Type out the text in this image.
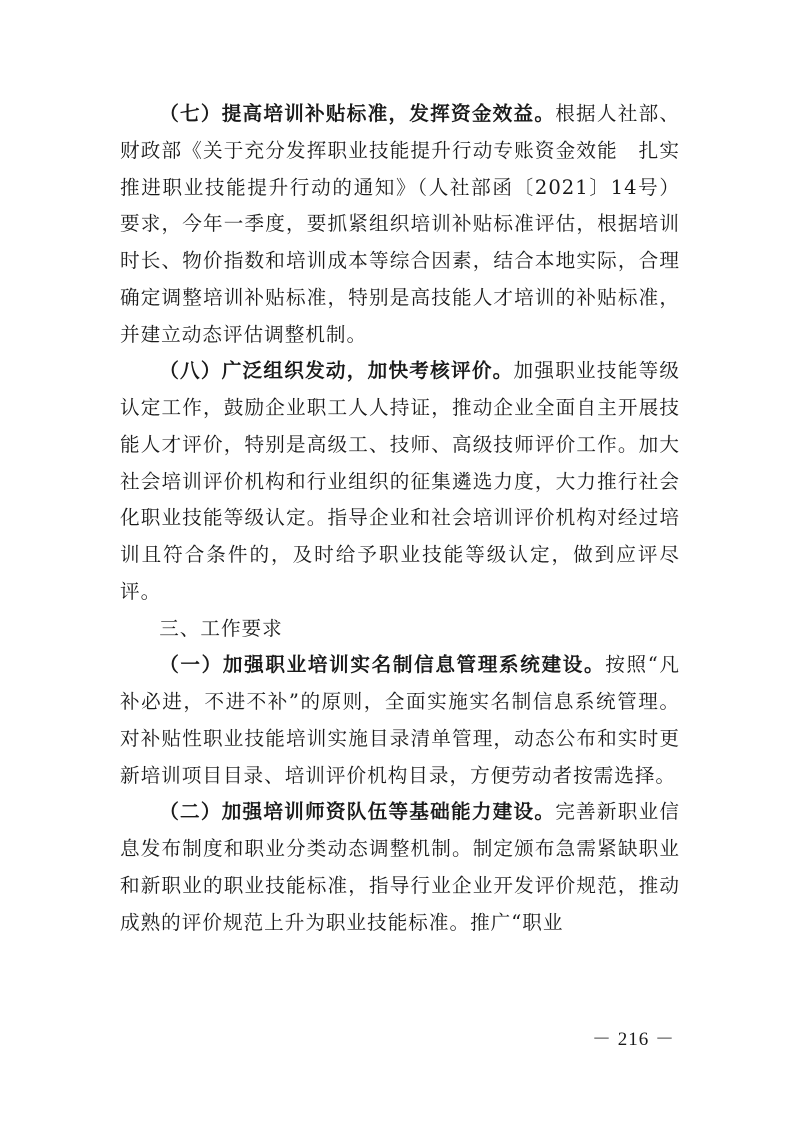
（七）提高培训补贴标准，发挥资金效益。根据人社部、财政部《关于充分发挥职业技能提升行动专账资金效能　扎实推进职业技能提升行动的通知》（人社部函〔2021〕14号）要求，今年一季度，要抓紧组织培训补贴标准评估，根据培训时长、物价指数和培训成本等综合因素，结合本地实际，合理确定调整培训补贴标准，特别是高技能人才培训的补贴标准，并建立动态评估调整机制。

（八）广泛组织发动，加快考核评价。加强职业技能等级认定工作，鼓励企业职工人人持证，推动企业全面自主开展技能人才评价，特别是高级工、技师、高级技师评价工作。加大社会培训评价机构和行业组织的征集遴选力度，大力推行社会化职业技能等级认定。指导企业和社会培训评价机构对经过培训且符合条件的，及时给予职业技能等级认定，做到应评尽评。

三、工作要求

（一）加强职业培训实名制信息管理系统建设。按照“凡补必进，不进不补”的原则，全面实施实名制信息系统管理。对补贴性职业技能培训实施目录清单管理，动态公布和实时更新培训项目目录、培训评价机构目录，方便劳动者按需选择。

（二）加强培训师资队伍等基础能力建设。完善新职业信息发布制度和职业分类动态调整机制。制定颁布急需紧缺职业和新职业的职业技能标准，指导行业企业开发评价规范，推动成熟的评价规范上升为职业技能标准。推广“职业

－ 216 －
